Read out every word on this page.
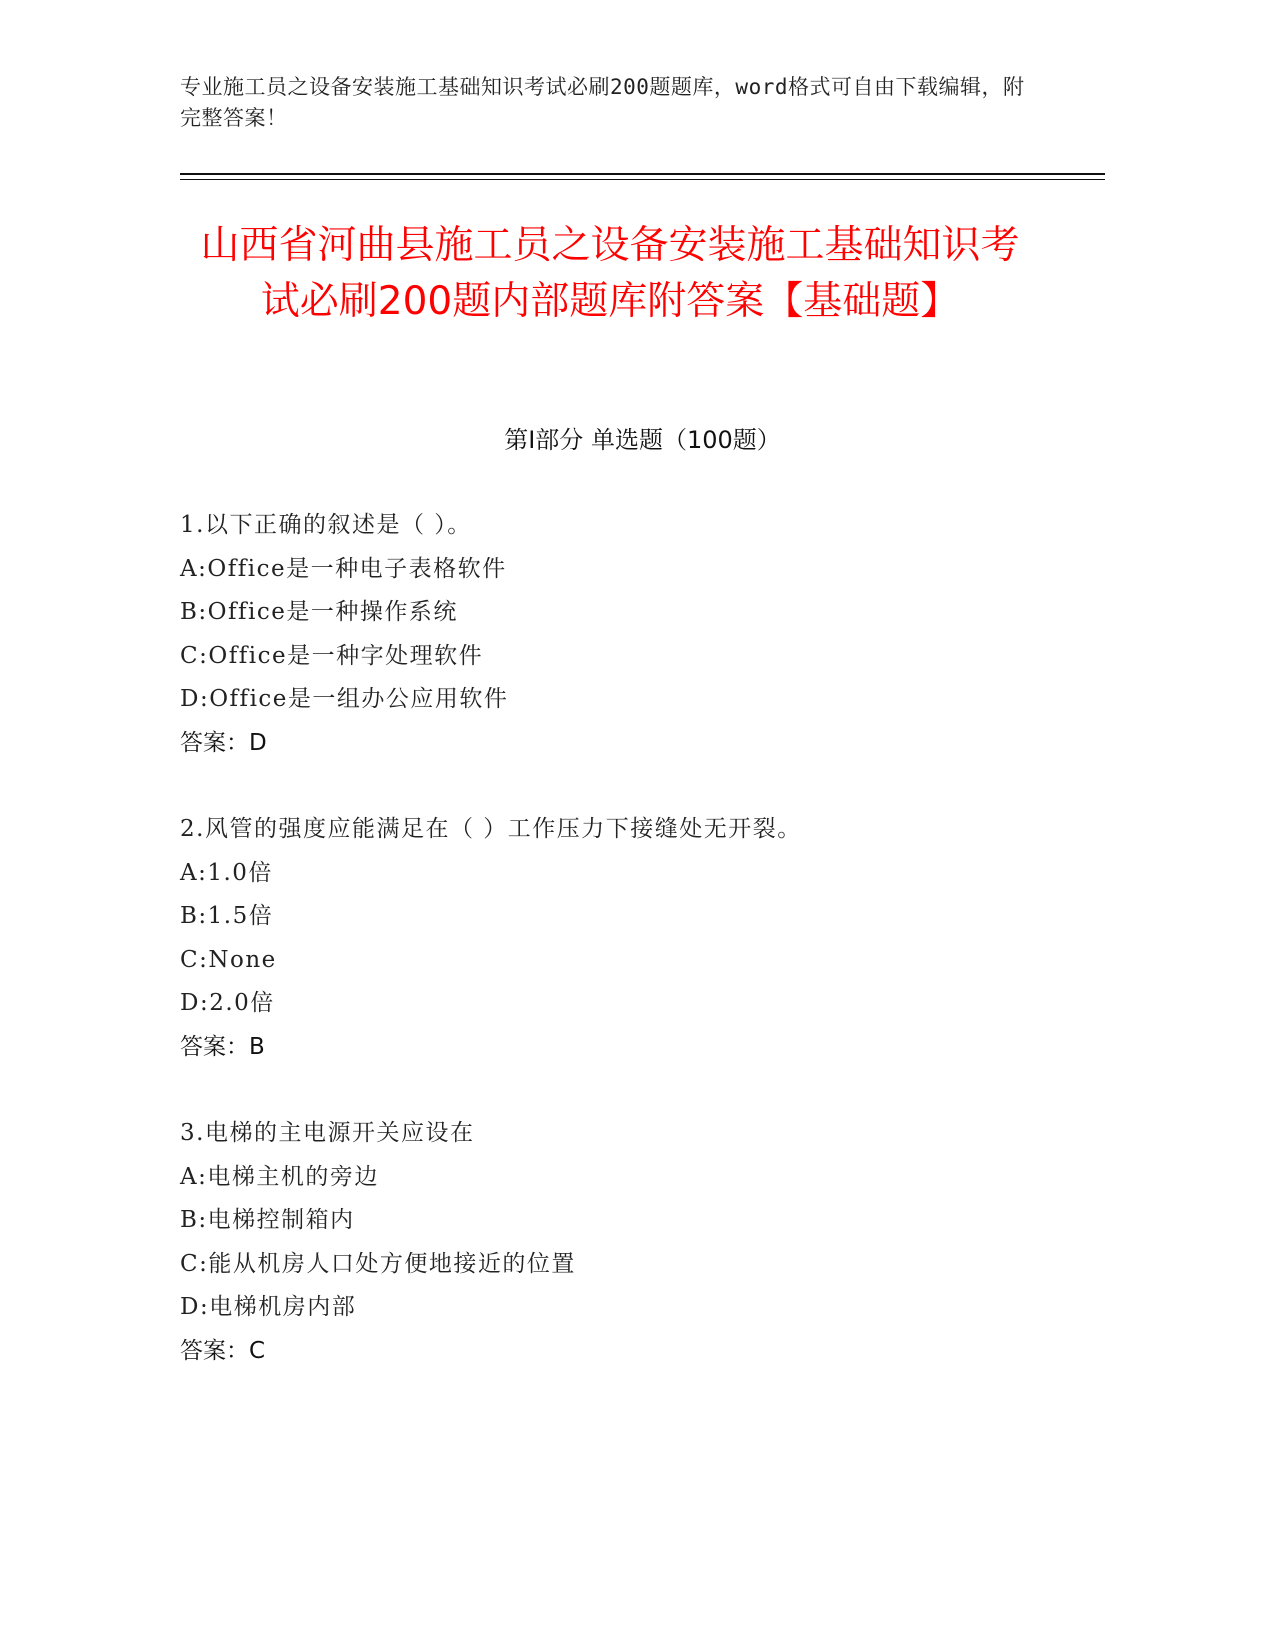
专业施工员之设备安装施工基础知识考试必刷200题题库，word格式可自由下载编辑，附完整答案！
山西省河曲县施工员之设备安装施工基础知识考试必刷200题内部题库附答案【基础题】
第Ⅰ部分 单选题（100题）
1.以下正确的叙述是（ ）。
A:Office是一种电子表格软件
B:Office是一种操作系统
C:Office是一种字处理软件
D:Office是一组办公应用软件
答案：D
2.风管的强度应能满足在（ ）工作压力下接缝处无开裂。
A:1.0倍
B:1.5倍
C:None
D:2.0倍
答案：B
3.电梯的主电源开关应设在
A:电梯主机的旁边
B:电梯控制箱内
C:能从机房人口处方便地接近的位置
D:电梯机房内部
答案：C
